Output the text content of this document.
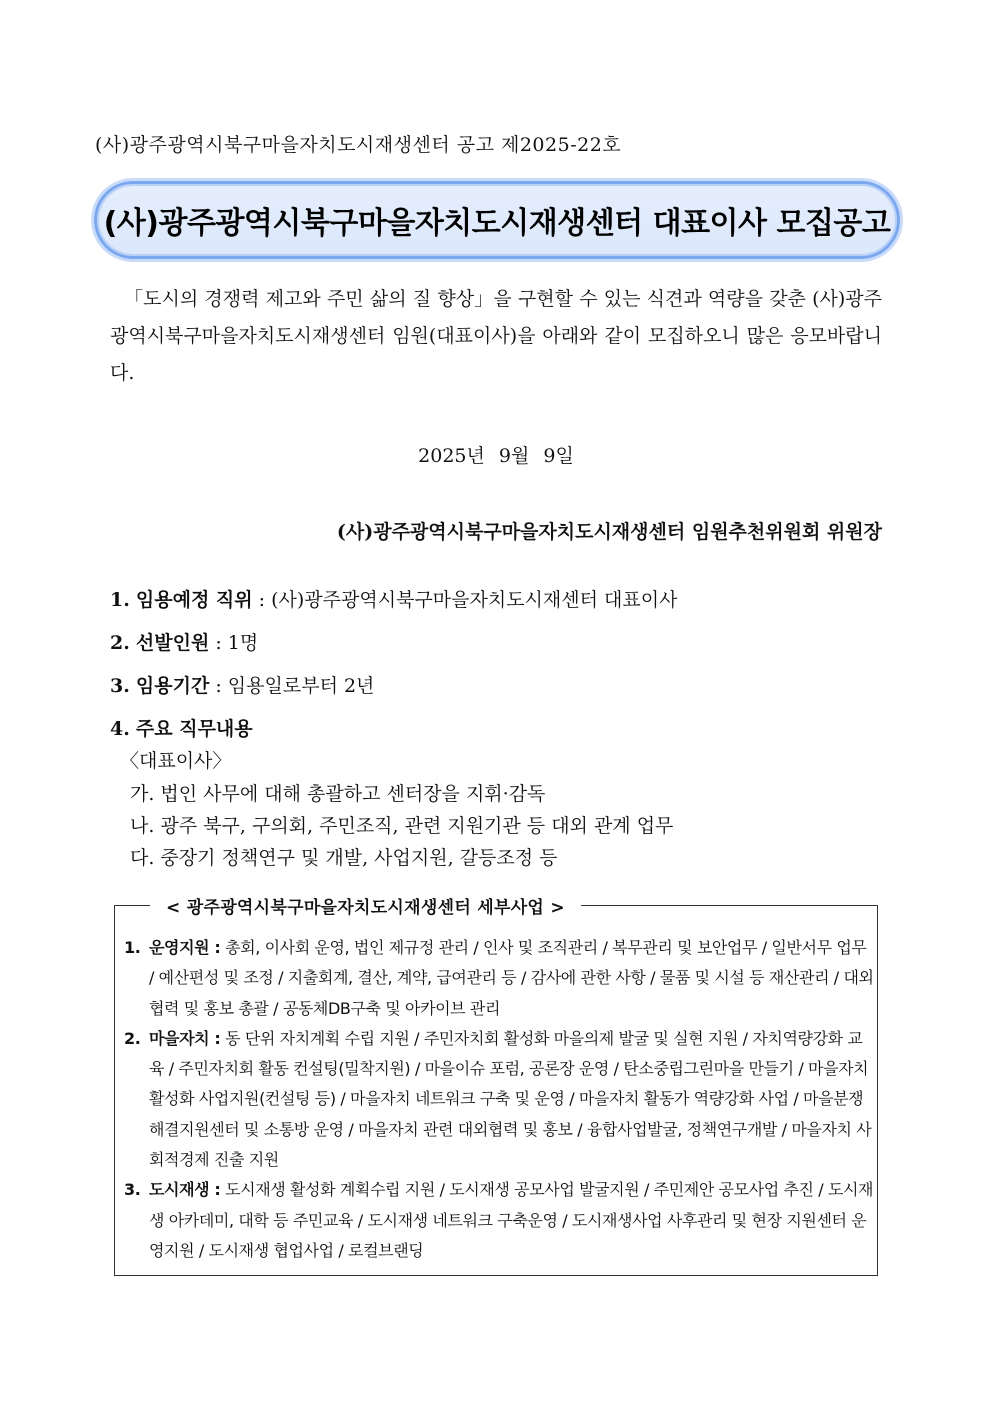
(사)광주광역시북구마을자치도시재생센터 공고 제2025-22호
(사)광주광역시북구마을자치도시재생센터 대표이사 모집공고
「도시의 경쟁력 제고와 주민 삶의 질 향상」을 구현할 수 있는 식견과 역량을 갖춘 (사)광주광역시북구마을자치도시재생센터 임원(대표이사)을 아래와 같이 모집하오니 많은 응모바랍니다.
2025년 9월 9일
(사)광주광역시북구마을자치도시재생센터 임원추천위원회 위원장
1. 임용예정 직위 : (사)광주광역시북구마을자치도시재센터 대표이사
2. 선발인원 : 1명
3. 임용기간 : 임용일로부터 2년
4. 주요 직무내용
〈대표이사〉
가. 법인 사무에 대해 총괄하고 센터장을 지휘·감독
나. 광주 북구, 구의회, 주민조직, 관련 지원기관 등 대외 관계 업무
다. 중장기 정책연구 및 개발, 사업지원, 갈등조정 등
< 광주광역시북구마을자치도시재생센터 세부사업 >
1. 운영지원 : 총회, 이사회 운영, 법인 제규정 관리 / 인사 및 조직관리 / 복무관리 및 보안업무 / 일반서무 업무 / 예산편성 및 조정 / 지출회계, 결산, 계약, 급여관리 등 / 감사에 관한 사항 / 물품 및 시설 등 재산관리 / 대외협력 및 홍보 총괄 / 공동체DB구축 및 아카이브 관리
2. 마을자치 : 동 단위 자치계획 수립 지원 / 주민자치회 활성화 마을의제 발굴 및 실현 지원 / 자치역량강화 교육 / 주민자치회 활동 컨설팅(밀착지원) / 마을이슈 포럼, 공론장 운영 / 탄소중립그린마을 만들기 / 마을자치 활성화 사업지원(컨설팅 등) / 마을자치 네트워크 구축 및 운영 / 마을자치 활동가 역량강화 사업 / 마을분쟁해결지원센터 및 소통방 운영 / 마을자치 관련 대외협력 및 홍보 / 융합사업발굴, 정책연구개발 / 마을자치 사회적경제 진출 지원
3. 도시재생 : 도시재생 활성화 계획수립 지원 / 도시재생 공모사업 발굴지원 / 주민제안 공모사업 추진 / 도시재생 아카데미, 대학 등 주민교육 / 도시재생 네트워크 구축운영 / 도시재생사업 사후관리 및 현장 지원센터 운영지원 / 도시재생 협업사업 / 로컬브랜딩
